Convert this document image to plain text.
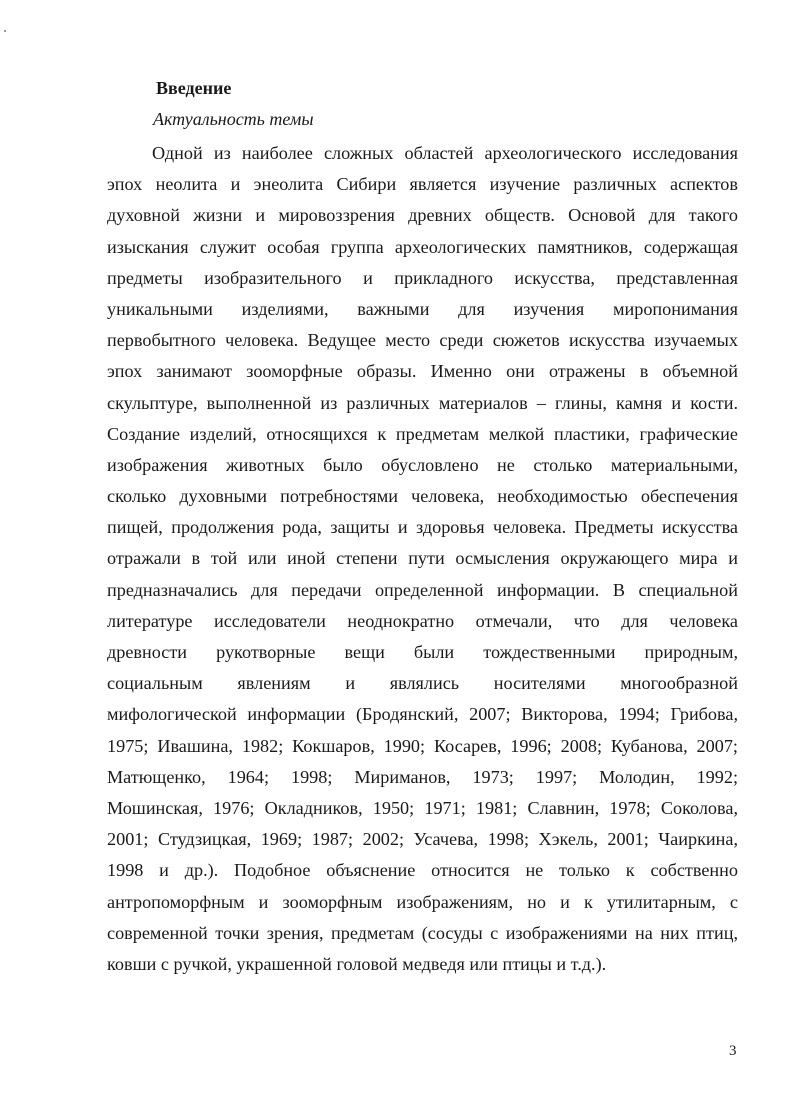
Введение
Актуальность темы
Одной из наиболее сложных областей археологического исследования
эпох неолита и энеолита Сибири является изучение различных аспектов
духовной жизни и мировоззрения древних обществ. Основой для такого
изыскания служит особая группа археологических памятников, содержащая
предметы изобразительного и прикладного искусства, представленная
уникальными изделиями, важными для изучения миропонимания
первобытного человека. Ведущее место среди сюжетов искусства изучаемых
эпох занимают зооморфные образы. Именно они отражены в объемной
скульптуре, выполненной из различных материалов – глины, камня и кости.
Создание изделий, относящихся к предметам мелкой пластики, графические
изображения животных было обусловлено не столько материальными,
сколько духовными потребностями человека, необходимостью обеспечения
пищей, продолжения рода, защиты и здоровья человека. Предметы искусства
отражали в той или иной степени пути осмысления окружающего мира и
предназначались для передачи определенной информации. В специальной
литературе исследователи неоднократно отмечали, что для человека
древности рукотворные вещи были тождественными природным,
социальным явлениям и являлись носителями многообразной
мифологической информации (Бродянский, 2007; Викторова, 1994; Грибова,
1975; Ивашина, 1982; Кокшаров, 1990; Косарев, 1996; 2008; Кубанова, 2007;
Матющенко, 1964; 1998; Мириманов, 1973; 1997; Молодин, 1992;
Мошинская, 1976; Окладников, 1950; 1971; 1981; Славнин, 1978; Соколова,
2001; Студзицкая, 1969; 1987; 2002; Усачева, 1998; Хэкель, 2001; Чаиркина,
1998 и др.). Подобное объяснение относится не только к собственно
антропоморфным и зооморфным изображениям, но и к утилитарным, с
современной точки зрения, предметам (сосуды с изображениями на них птиц,
ковши с ручкой, украшенной головой медведя или птицы и т.д.).
3
